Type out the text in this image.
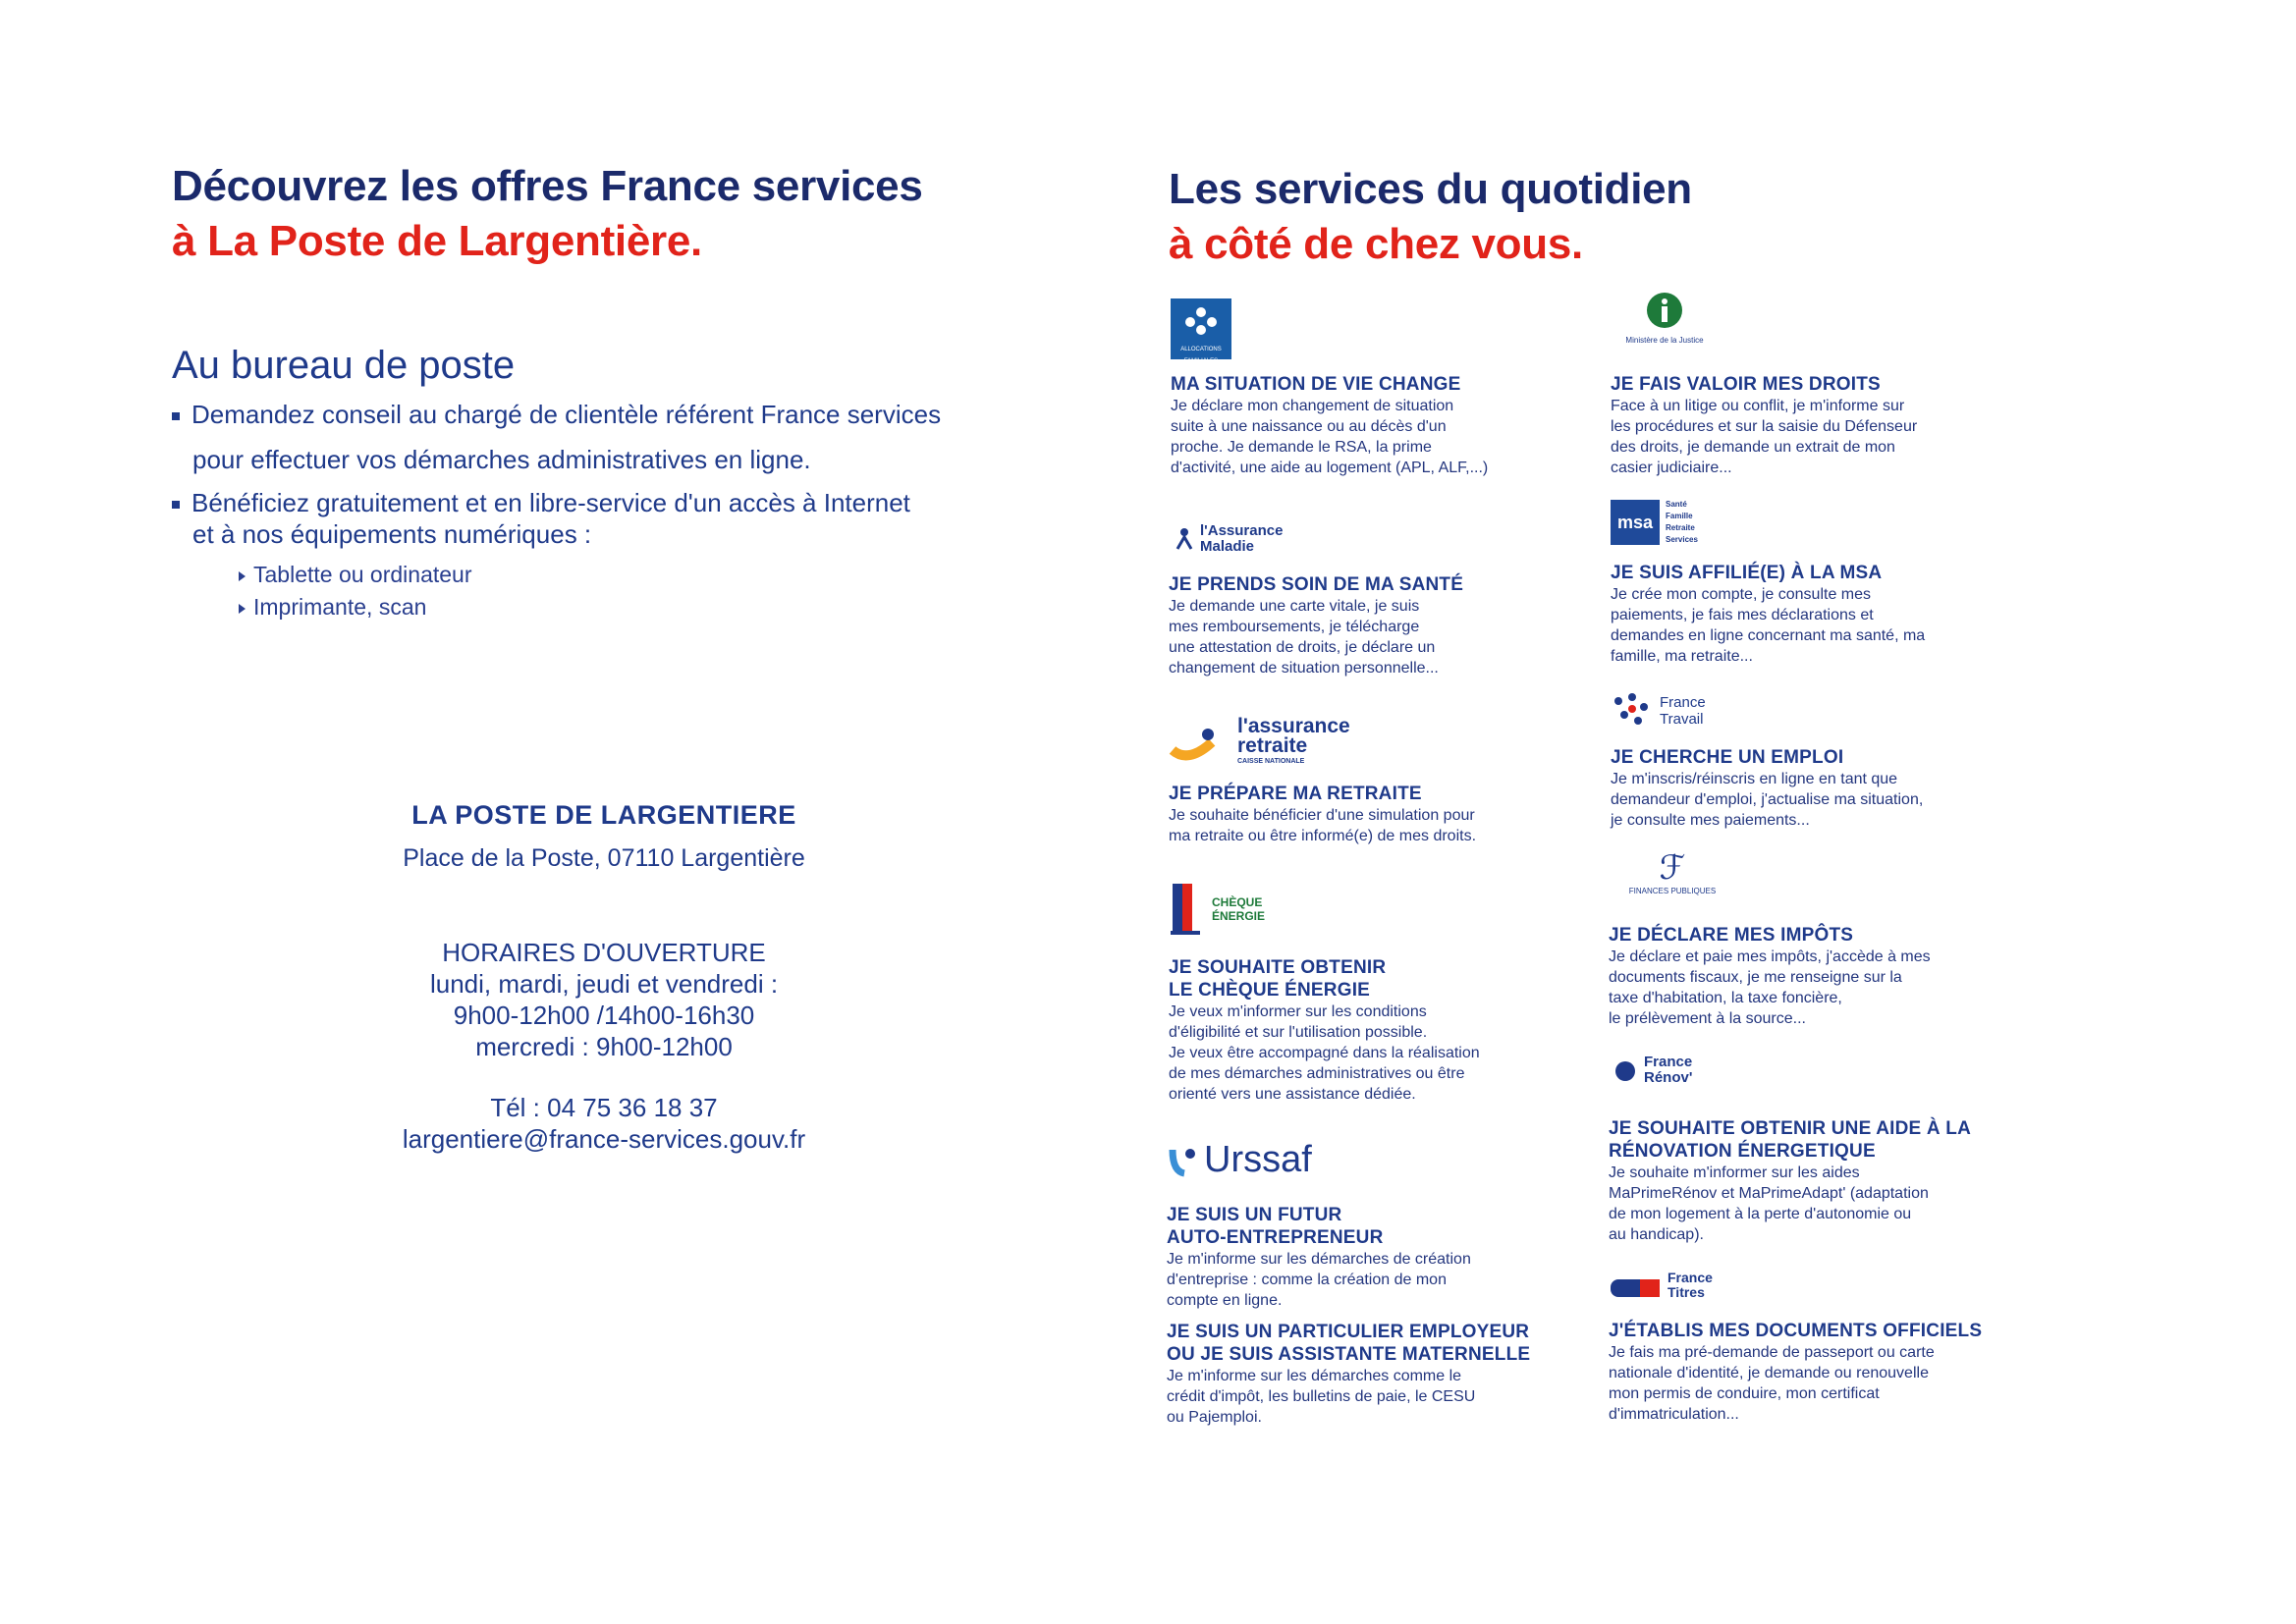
Découvrez les offres France services
à La Poste de Largentière.
Au bureau de poste
Demandez conseil au chargé de clientèle référent France services
pour effectuer vos démarches administratives en ligne.
Bénéficiez gratuitement et en libre-service d'un accès à Internet
et à nos équipements numériques :
Tablette ou ordinateur
Imprimante, scan
LA POSTE DE LARGENTIERE
Place de la Poste, 07110 Largentière
HORAIRES D'OUVERTURE
lundi, mardi, jeudi et vendredi :
9h00-12h00 /14h00-16h30
mercredi : 9h00-12h00
Tél : 04 75 36 18 37
largentiere@france-services.gouv.fr
Les services du quotidien
à côté de chez vous.
ALLOCATIONS FAMILIALES
Ministère de la Justice
l'Assurance Maladie
msa
Santé Famille Retraite Services
l'assurance retraite
CAISSE NATIONALE
France Travail
CHÈQUE ÉNERGIE
ℱ
FINANCES PUBLIQUES
France Rénov'
Urssaf
France Titres
MA SITUATION DE VIE CHANGE
Je déclare mon changement de situation
suite à une naissance ou au décès d'un
proche. Je demande le RSA, la prime
d'activité, une aide au logement (APL, ALF,...)
JE FAIS VALOIR MES DROITS
Face à un litige ou conflit, je m'informe sur
les procédures et sur la saisie du Défenseur
des droits, je demande un extrait de mon
casier judiciaire...
JE PRENDS SOIN DE MA SANTÉ
Je demande une carte vitale, je suis
mes remboursements, je télécharge
une attestation de droits, je déclare un
changement de situation personnelle...
JE SUIS AFFILIÉ(E) À LA MSA
Je crée mon compte, je consulte mes
paiements, je fais mes déclarations et
demandes en ligne concernant ma santé, ma
famille, ma retraite...
JE PRÉPARE MA RETRAITE
Je souhaite bénéficier d'une simulation pour
ma retraite ou être informé(e) de mes droits.
JE CHERCHE UN EMPLOI
Je m'inscris/réinscris en ligne en tant que
demandeur d'emploi, j'actualise ma situation,
je consulte mes paiements...
JE SOUHAITE OBTENIR
LE CHÈQUE ÉNERGIE
Je veux m'informer sur les conditions
d'éligibilité et sur l'utilisation possible.
Je veux être accompagné dans la réalisation
de mes démarches administratives ou être
orienté vers une assistance dédiée.
JE DÉCLARE MES IMPÔTS
Je déclare et paie mes impôts, j'accède à mes
documents fiscaux, je me renseigne sur la
taxe d'habitation, la taxe foncière,
le prélèvement à la source...
JE SOUHAITE OBTENIR UNE AIDE À LA
RÉNOVATION ÉNERGETIQUE
Je souhaite m'informer sur les aides
MaPrimeRénov et MaPrimeAdapt' (adaptation
de mon logement à la perte d'autonomie ou
au handicap).
JE SUIS UN FUTUR
AUTO-ENTREPRENEUR
Je m'informe sur les démarches de création
d'entreprise : comme la création de mon
compte en ligne.
JE SUIS UN PARTICULIER EMPLOYEUR
OU JE SUIS ASSISTANTE MATERNELLE
Je m'informe sur les démarches comme le
crédit d'impôt, les bulletins de paie, le CESU
ou Pajemploi.
J'ÉTABLIS MES DOCUMENTS OFFICIELS
Je fais ma pré-demande de passeport ou carte
nationale d'identité, je demande ou renouvelle
mon permis de conduire, mon certificat
d'immatriculation...
